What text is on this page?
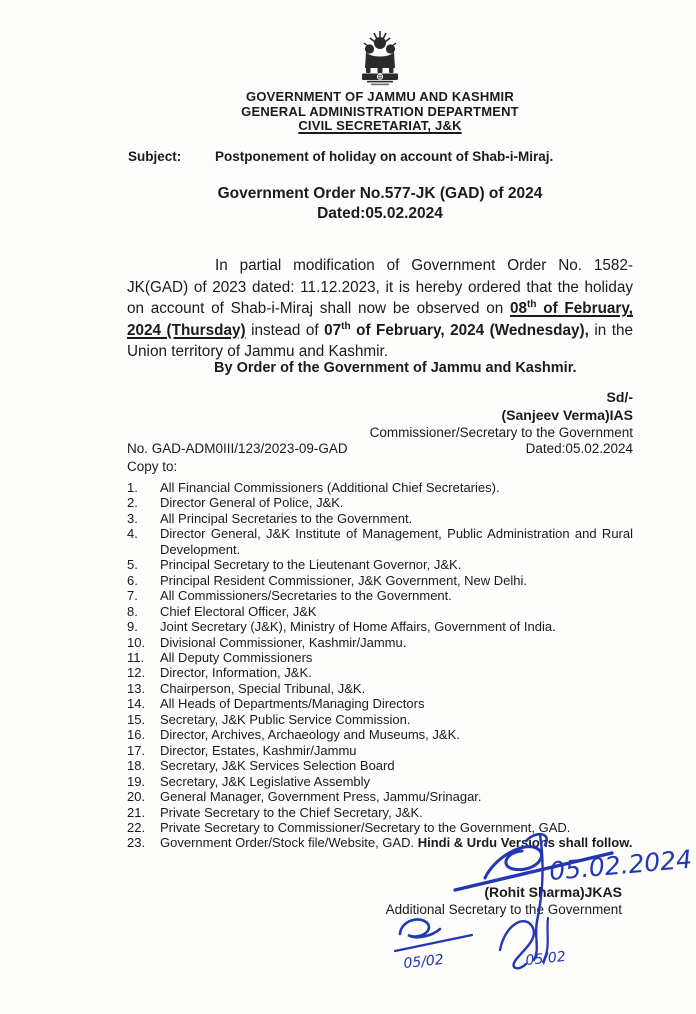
GOVERNMENT OF JAMMU AND KASHMIR
GENERAL ADMINISTRATION DEPARTMENT
CIVIL SECRETARIAT, J&K
Subject:	Postponement of holiday on account of Shab-i-Miraj.
Government Order No.577-JK (GAD) of 2024
Dated:05.02.2024

In partial modification of Government Order No. 1582-JK(GAD) of 2023 dated: 11.12.2023, it is hereby ordered that the holiday on account of Shab-i-Miraj shall now be observed on 08th of February, 2024 (Thursday) instead of 07th of February, 2024 (Wednesday), in the Union territory of Jammu and Kashmir.

By Order of the Government of Jammu and Kashmir.
Sd/-
(Sanjeev Verma)IAS
Commissioner/Secretary to the Government
No. GAD-ADM0III/123/2023-09-GAD	Dated:05.02.2024
Copy to:
1.	All Financial Commissioners (Additional Chief Secretaries).
2.	Director General of Police, J&K.
3.	All Principal Secretaries to the Government.
4.	Director General, J&K Institute of Management, Public Administration and Rural Development.
5.	Principal Secretary to the Lieutenant Governor, J&K.
6.	Principal Resident Commissioner, J&K Government, New Delhi.
7.	All Commissioners/Secretaries to the Government.
8.	Chief Electoral Officer, J&K
9.	Joint Secretary (J&K), Ministry of Home Affairs, Government of India.
10.	Divisional Commissioner, Kashmir/Jammu.
11.	All Deputy Commissioners
12.	Director, Information, J&K.
13.	Chairperson, Special Tribunal, J&K.
14.	All Heads of Departments/Managing Directors
15.	Secretary, J&K Public Service Commission.
16.	Director, Archives, Archaeology and Museums, J&K.
17.	Director, Estates, Kashmir/Jammu
18.	Secretary, J&K Services Selection Board
19.	Secretary, J&K Legislative Assembly
20.	General Manager, Government Press, Jammu/Srinagar.
21.	Private Secretary to the Chief Secretary, J&K.
22.	Private Secretary to Commissioner/Secretary to the Government, GAD.
23.	Government Order/Stock file/Website, GAD. Hindi & Urdu Versions shall follow.
(Rohit Sharma)JKAS
Additional Secretary to the Government
05.02.2024
05/02	05/02
